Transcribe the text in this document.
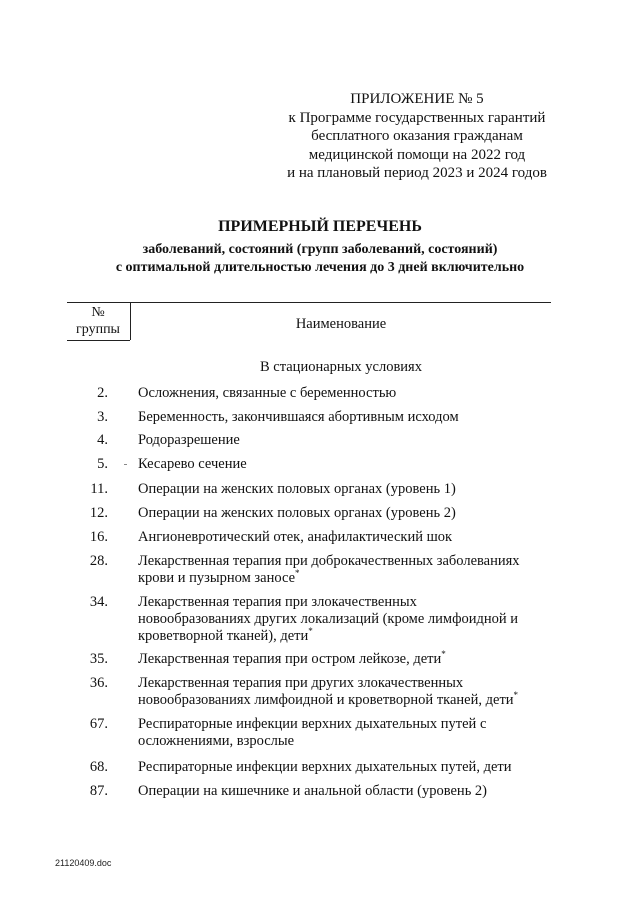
ПРИЛОЖЕНИЕ № 5
к Программе государственных гарантий
бесплатного оказания гражданам
медицинской помощи на 2022 год
и на плановый период 2023 и 2024 годов
ПРИМЕРНЫЙ ПЕРЕЧЕНЬ
заболеваний, состояний (групп заболеваний, состояний)
с оптимальной длительностью лечения до 3 дней включительно
№
группы	Наименование
В стационарных условиях
2. Осложнения, связанные с беременностью
3. Беременность, закончившаяся абортивным исходом
4. Родоразрешение
5. Кесарево сечение
11. Операции на женских половых органах (уровень 1)
12. Операции на женских половых органах (уровень 2)
16. Ангионевротический отек, анафилактический шок
28. Лекарственная терапия при доброкачественных заболеваниях
крови и пузырном заносе*
34. Лекарственная терапия при злокачественных
новообразованиях других локализаций (кроме лимфоидной и
кроветворной тканей), дети*
35. Лекарственная терапия при остром лейкозе, дети*
36. Лекарственная терапия при других злокачественных
новообразованиях лимфоидной и кроветворной тканей, дети*
67. Респираторные инфекции верхних дыхательных путей с
осложнениями, взрослые
68. Респираторные инфекции верхних дыхательных путей, дети
87. Операции на кишечнике и анальной области (уровень 2)
21120409.doc
